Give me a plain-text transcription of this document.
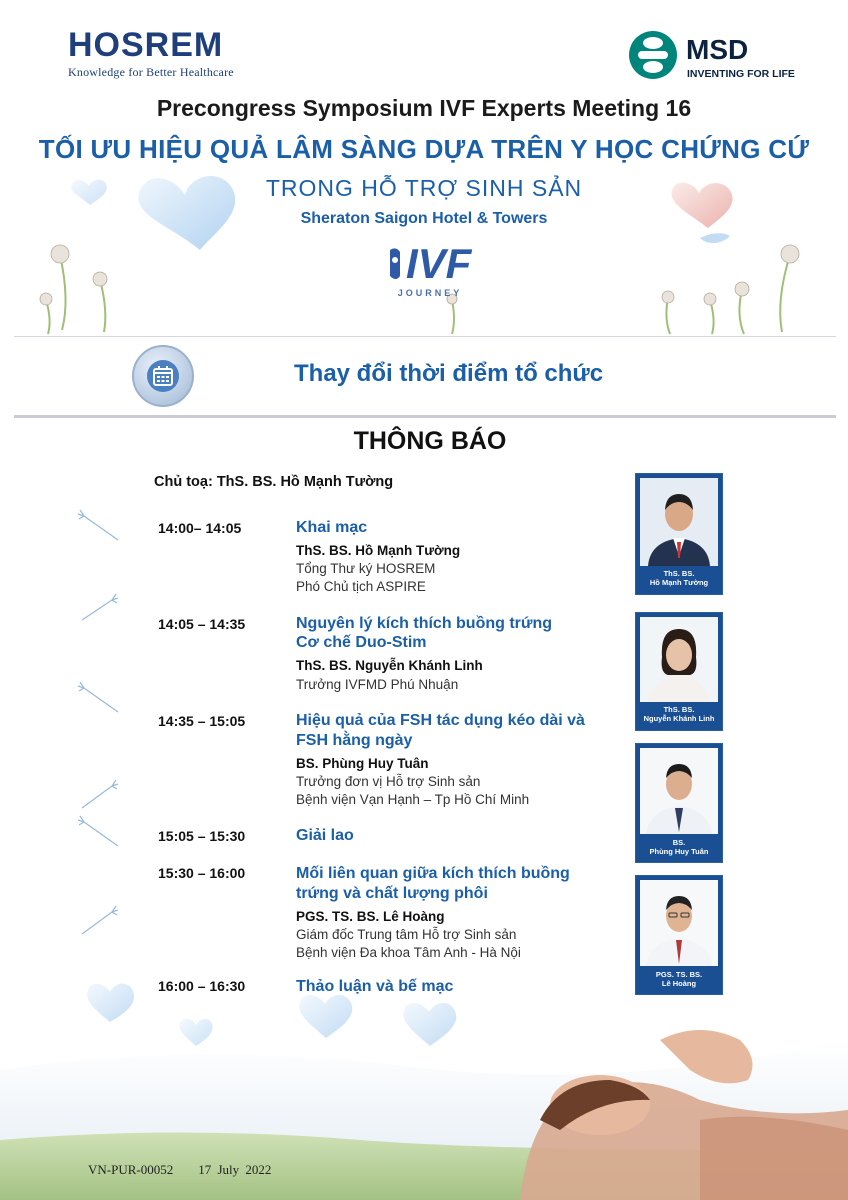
HOSREM
Knowledge for Better Healthcare
MSD
INVENTING FOR LIFE
Precongress Symposium IVF Experts Meeting 16
TỐI ƯU HIỆU QUẢ LÂM SÀNG DỰA TRÊN Y HỌC CHỨNG CỨ
TRONG HỖ TRỢ SINH SẢN
Sheraton Saigon Hotel & Towers
IVF
JOURNEY
Thay đổi thời điểm tổ chức
THÔNG BÁO
Chủ toạ: ThS. BS. Hồ Mạnh Tường
14:00– 14:05	Khai mạc
ThS. BS. Hồ Mạnh Tường
Tổng Thư ký HOSREM
Phó Chủ tịch ASPIRE
14:05 – 14:35	Nguyên lý kích thích buồng trứng
Cơ chế Duo-Stim
ThS. BS. Nguyễn Khánh Linh
Trưởng IVFMD Phú Nhuận
14:35 – 15:05	Hiệu quả của FSH tác dụng kéo dài và
FSH hằng ngày
BS. Phùng Huy Tuân
Trưởng đơn vị Hỗ trợ Sinh sản
Bệnh viện Vạn Hạnh – Tp Hồ Chí Minh
15:05 – 15:30	Giải lao
15:30 – 16:00	Mối liên quan giữa kích thích buồng
trứng và chất lượng phôi
PGS. TS. BS. Lê Hoàng
Giám đốc Trung tâm Hỗ trợ Sinh sản
Bệnh viện Đa khoa Tâm Anh - Hà Nội
16:00 – 16:30	Thảo luận và bế mạc
ThS. BS.
Hồ Mạnh Tường
ThS. BS.
Nguyễn Khánh Linh
BS.
Phùng Huy Tuân
PGS. TS. BS.
Lê Hoàng
VN-PUR-00052 17 July 2022
